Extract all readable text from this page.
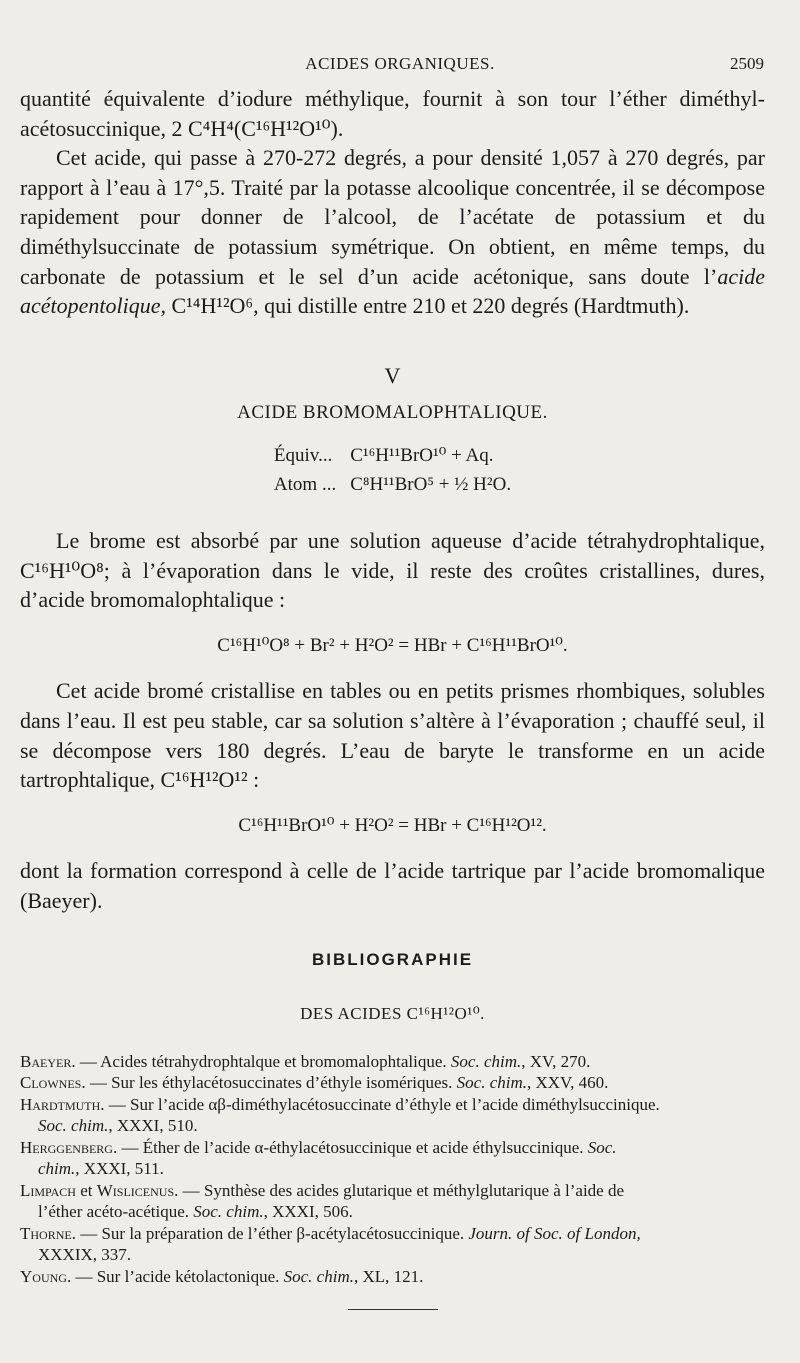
ACIDES ORGANIQUES.	2509

quantité équivalente d’iodure méthylique, fournit à son tour l’éther diméthyl-acétosuccinique, 2 C⁴H⁴(C¹⁶H¹²O¹⁰).

Cet acide, qui passe à 270-272 degrés, a pour densité 1,057 à 270 degrés, par rapport à l’eau à 17°,5. Traité par la potasse alcoolique concentrée, il se décompose rapidement pour donner de l’alcool, de l’acétate de potassium et du diméthylsuccinate de potassium symétrique. On obtient, en même temps, du carbonate de potassium et le sel d’un acide acétonique, sans doute l’acide acétopentolique, C¹⁴H¹²O⁶, qui distille entre 210 et 220 degrés (Hardtmuth).

V

ACIDE BROMOMALOPHTALIQUE.

Équiv...	C¹⁶H¹¹BrO¹⁰ + Aq.
Atom ...	C⁸H¹¹BrO⁵ + ½ H²O.

Le brome est absorbé par une solution aqueuse d’acide tétrahydrophtalique, C¹⁶H¹⁰O⁸; à l’évaporation dans le vide, il reste des croûtes cristallines, dures, d’acide bromomalophtalique :

C¹⁶H¹⁰O⁸ + Br² + H²O² = HBr + C¹⁶H¹¹BrO¹⁰.

Cet acide bromé cristallise en tables ou en petits prismes rhombiques, solubles dans l’eau. Il est peu stable, car sa solution s’altère à l’évaporation ; chauffé seul, il se décompose vers 180 degrés. L’eau de baryte le transforme en un acide tartrophtalique, C¹⁶H¹²O¹² :

C¹⁶H¹¹BrO¹⁰ + H²O² = HBr + C¹⁶H¹²O¹².

dont la formation correspond à celle de l’acide tartrique par l’acide bromomalique (Baeyer).

BIBLIOGRAPHIE

DES ACIDES C¹⁶H¹²O¹⁰.

Baeyer. — Acides tétrahydrophtalque et bromomalophtalique. Soc. chim., XV, 270.

Clownes. — Sur les éthylacétosuccinates d’éthyle isomériques. Soc. chim., XXV, 460.

Hardtmuth. — Sur l’acide αβ-diméthylacétosuccinate d’éthyle et l’acide diméthylsuccinique.
Soc. chim., XXXI, 510.

Herggenberg. — Éther de l’acide α-éthylacétosuccinique et acide éthylsuccinique. Soc.
chim., XXXI, 511.

Limpach et Wislicenus. — Synthèse des acides glutarique et méthylglutarique à l’aide de
l’éther acéto-acétique. Soc. chim., XXXI, 506.

Thorne. — Sur la préparation de l’éther β-acétylacétosuccinique. Journ. of Soc. of London,
XXXIX, 337.

Young. — Sur l’acide kétolactonique. Soc. chim., XL, 121.
